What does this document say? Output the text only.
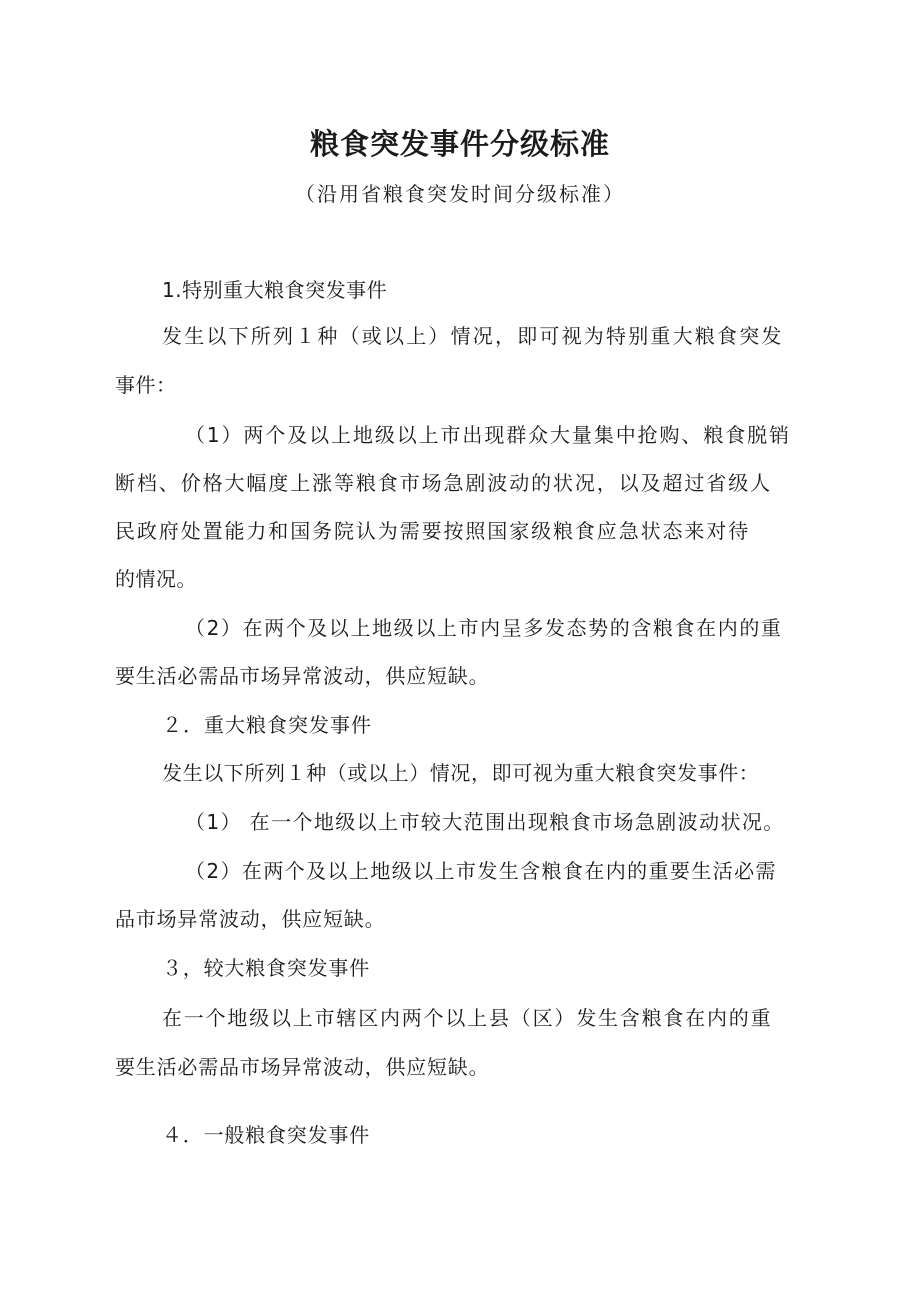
粮食突发事件分级标准
（沿用省粮食突发时间分级标准）
1.特别重大粮食突发事件
发生以下所列１种（或以上）情况，即可视为特别重大粮食突发
事件：
（1）两个及以上地级以上市出现群众大量集中抢购、粮食脱销
断档、价格大幅度上涨等粮食市场急剧波动的状况，以及超过省级人
民政府处置能力和国务院认为需要按照国家级粮食应急状态来对待
的情况。
（2）在两个及以上地级以上市内呈多发态势的含粮食在内的重
要生活必需品市场异常波动，供应短缺。
２．重大粮食突发事件
发生以下所列１种（或以上）情况，即可视为重大粮食突发事件：
（1） 在一个地级以上市较大范围出现粮食市场急剧波动状况。
（2）在两个及以上地级以上市发生含粮食在内的重要生活必需
品市场异常波动，供应短缺。
３，较大粮食突发事件
在一个地级以上市辖区内两个以上县（区）发生含粮食在内的重
要生活必需品市场异常波动，供应短缺。
４．一般粮食突发事件
